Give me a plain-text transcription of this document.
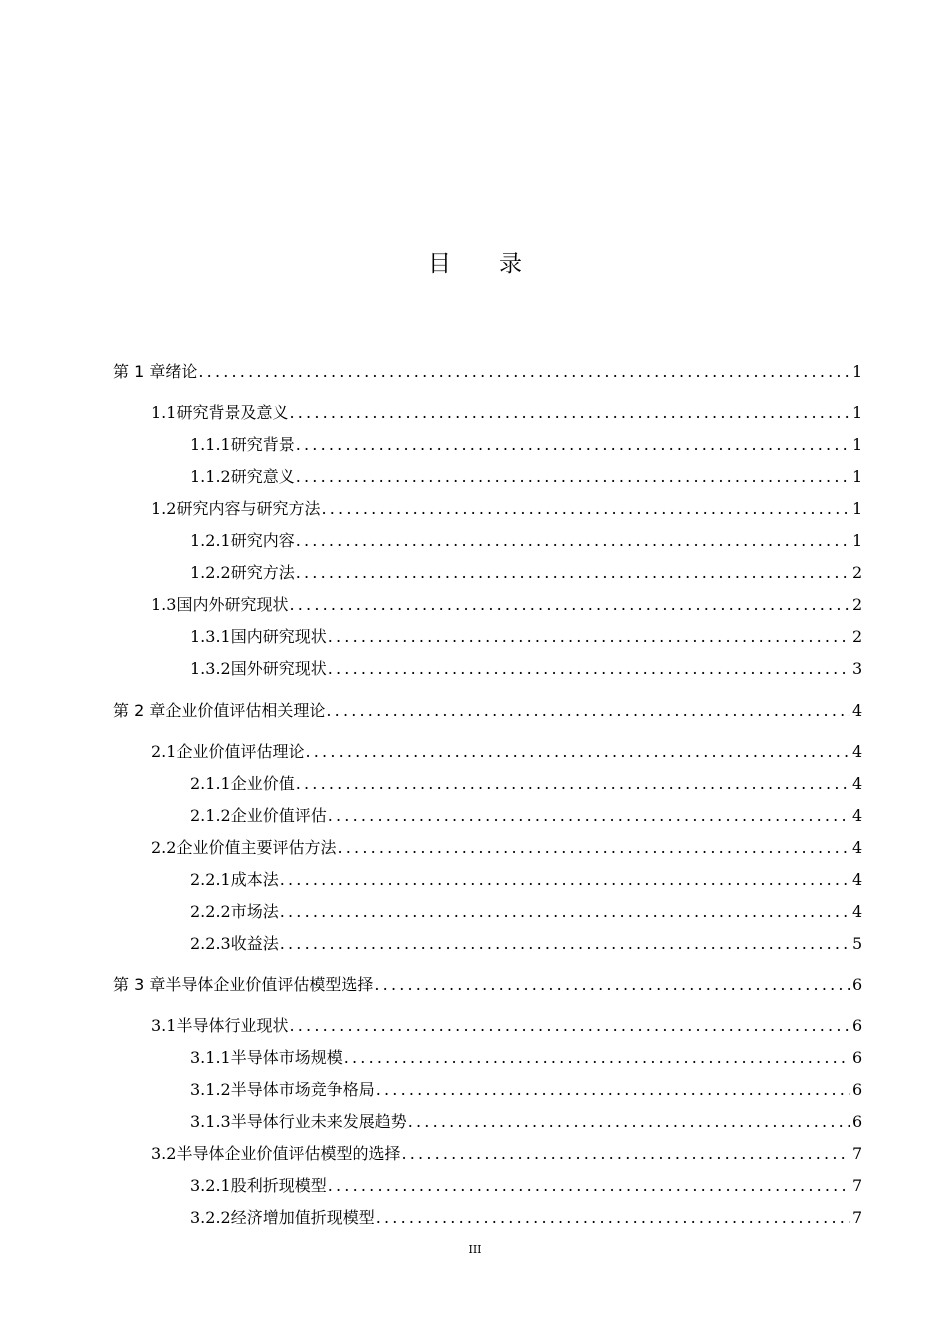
目 录
第 1 章 绪论 .....	1
1.1 研究背景及意义 .....	1
1.1.1 研究背景 .....	1
1.1.2 研究意义 .....	1
1.2 研究内容与研究方法 .....	1
1.2.1 研究内容 .....	1
1.2.2 研究方法 .....	2
1.3 国内外研究现状 .....	2
1.3.1 国内研究现状 .....	2
1.3.2 国外研究现状 .....	3
第 2 章 企业价值评估相关理论 .....	4
2.1 企业价值评估理论 .....	4
2.1.1 企业价值 .....	4
2.1.2 企业价值评估 .....	4
2.2 企业价值主要评估方法 .....	4
2.2.1 成本法 .....	4
2.2.2 市场法 .....	4
2.2.3 收益法 .....	5
第 3 章 半导体企业价值评估模型选择 .....	6
3.1 半导体行业现状 .....	6
3.1.1 半导体市场规模 .....	6
3.1.2 半导体市场竞争格局 .....	6
3.1.3 半导体行业未来发展趋势 .....	6
3.2 半导体企业价值评估模型的选择 .....	7
3.2.1 股利折现模型 .....	7
3.2.2 经济增加值折现模型 .....	7
III
